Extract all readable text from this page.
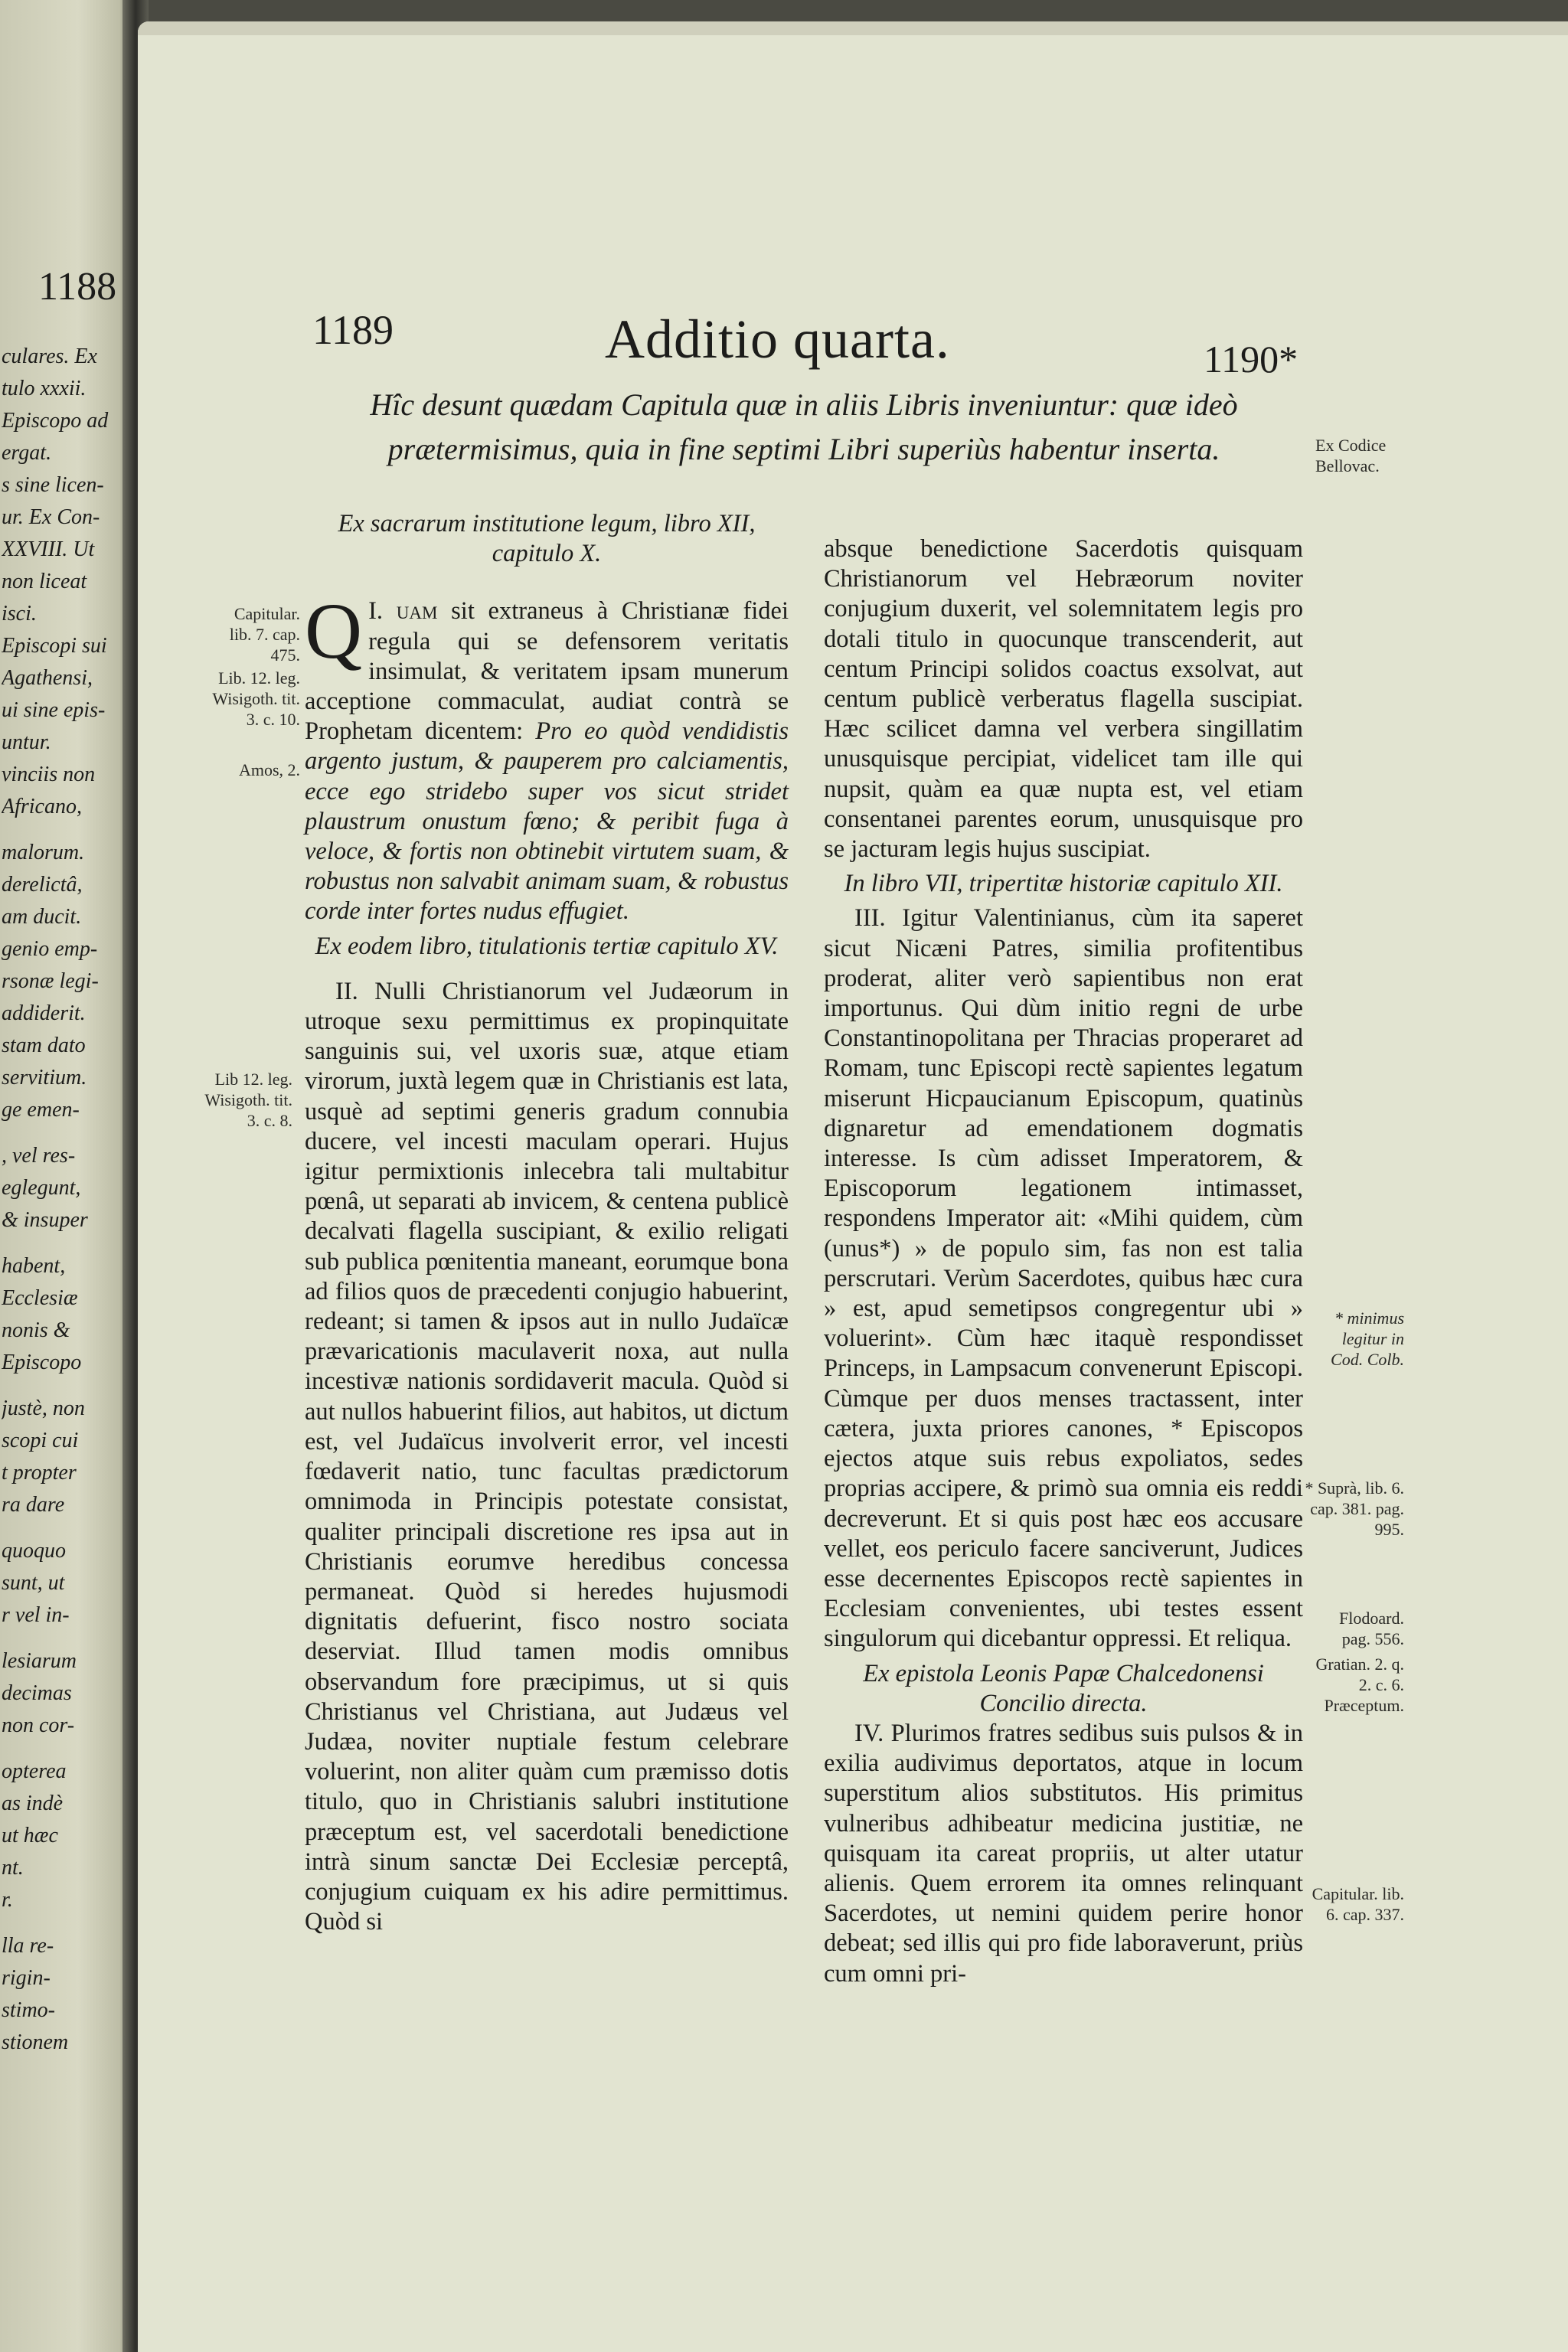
1188
culares. Ex
tulo xxxii.
Episcopo ad
ergat.
s sine licen-
ur. Ex Con-
XXVIII. Ut
non liceat
isci.
Episcopi sui
Agathensi,
ui sine epis-
untur.
vinciis non
Africano,
malorum.
derelictâ,
am ducit.
genio emp-
rsonæ legi-
addiderit.
stam dato
servitium.
ge emen-
, vel res-
eglegunt,
& insuper
habent,
Ecclesiæ
nonis &
Episcopo
justè, non
scopi cui
t propter
ra dare
quoquo
sunt, ut
r vel in-
lesiarum
decimas
non cor-
opterea
as indè
ut hæc
nt.
r.
lla re-
rigin-
stimo-
stionem
1189	Additio quarta.	1190*
Hîc desunt quædam Capitula quæ in aliis Libris inveniuntur: quæ ideò prætermisimus, quia in fine septimi Libri superiùs habentur inserta.	Ex Codice Bellovac.
Capitular. lib. 7. cap. 475.
Lib. 12. leg. Wisigoth. tit. 3. c. 10.
Amos, 2.
Lib 12. leg. Wisigoth. tit. 3. c. 8.
* minimus legitur in Cod. Colb.
* Suprà, lib. 6. cap. 381. pag. 995.
Flodoard. pag. 556.
Gratian. 2. q. 2. c. 6. Præceptum.
Capitular. lib. 6. cap. 337.

Ex sacrarum institutione legum, libro XII, capitulo X.

I.
Q uam sit extraneus à Christianæ fidei regula qui se defensorem veritatis insimulat, & veritatem ipsam munerum acceptione commaculat, audiat contrà se Prophetam dicentem: Pro eo quòd vendidistis argento justum, & pauperem pro calciamentis, ecce ego stridebo super vos sicut stridet plaustrum onustum fœno; & peribit fuga à veloce, & fortis non obtinebit virtutem suam, & robustus non salvabit animam suam, & robustus corde inter fortes nudus effugiet.

Ex eodem libro, titulationis tertiæ capitulo XV.

II. Nulli Christianorum vel Judæorum in utroque sexu permittimus ex propinquitate sanguinis sui, vel uxoris suæ, atque etiam virorum, juxtà legem quæ in Christianis est lata, usquè ad septimi generis gradum connubia ducere, vel incesti maculam operari. Hujus igitur permixtionis inlecebra tali multabitur pœnâ, ut separati ab invicem, & centena publicè decalvati flagella suscipiant, & exilio religati sub publica pœnitentia maneant, eorumque bona ad filios quos de præcedenti conjugio habuerint, redeant; si tamen & ipsos aut in nullo Judaïcæ prævaricationis maculaverit noxa, aut nulla incestivæ nationis sordidaverit macula. Quòd si aut nullos habuerint filios, aut habitos, ut dictum est, vel Judaïcus involverit error, vel incesti fœdaverit natio, tunc facultas prædictorum omnimoda in Principis potestate consistat, qualiter principali discretione res ipsa aut in Christianis eorumve heredibus concessa permaneat. Quòd si heredes hujusmodi dignitatis defuerint, fisco nostro sociata deserviat. Illud tamen modis omnibus observandum fore præcipimus, ut si quis Christianus vel Christiana, aut Judæus vel Judæa, noviter nuptiale festum celebrare voluerint, non aliter quàm cum præmisso dotis titulo, quo in Christianis salubri institutione præceptum est, vel sacerdotali benedictione intrà sinum sanctæ Dei Ecclesiæ perceptâ, conjugium cuiquam ex his adire permittimus. Quòd si

absque benedictione Sacerdotis quisquam Christianorum vel Hebræorum noviter conjugium duxerit, vel solemnitatem legis pro dotali titulo in quocunque transcenderit, aut centum Principi solidos coactus exsolvat, aut centum publicè verberatus flagella suscipiat. Hæc scilicet damna vel verbera singillatim unusquisque percipiat, videlicet tam ille qui nupsit, quàm ea quæ nupta est, vel etiam consentanei parentes eorum, unusquisque pro se jacturam legis hujus suscipiat.

In libro VII, tripertitæ historiæ capitulo XII.

III. Igitur Valentinianus, cùm ita saperet sicut Nicæni Patres, similia profitentibus proderat, aliter verò sapientibus non erat importunus. Qui dùm initio regni de urbe Constantinopolitana per Thracias properaret ad Romam, tunc Episcopi rectè sapientes legatum miserunt Hicpaucianum Episcopum, quatinùs dignaretur ad emendationem dogmatis interesse. Is cùm adisset Imperatorem, & Episcoporum legationem intimasset, respondens Imperator ait: «Mihi quidem, cùm (unus*) » de populo sim, fas non est talia perscrutari. Verùm Sacerdotes, quibus hæc cura » est, apud semetipsos congregentur ubi » voluerint». Cùm hæc itaquè respondisset Princeps, in Lampsacum convenerunt Episcopi. Cùmque per duos menses tractassent, inter cætera, juxta priores canones, * Episcopos ejectos atque suis rebus expoliatos, sedes proprias accipere, & primò sua omnia eis reddi decreverunt. Et si quis post hæc eos accusare vellet, eos periculo facere sanciverunt, Judices esse decernentes Episcopos rectè sapientes in Ecclesiam convenientes, ubi testes essent singulorum qui dicebantur oppressi. Et reliqua.

Ex epistola Leonis Papæ Chalcedonensi Concilio directa.

IV. Plurimos fratres sedibus suis pulsos & in exilia audivimus deportatos, atque in locum superstitum alios substitutos. His primitus vulneribus adhibeatur medicina justitiæ, ne quisquam ita careat propriis, ut alter utatur alienis. Quem errorem ita omnes relinquant Sacerdotes, ut nemini quidem perire honor debeat; sed illis qui pro fide laboraverunt, priùs cum omni pri-
